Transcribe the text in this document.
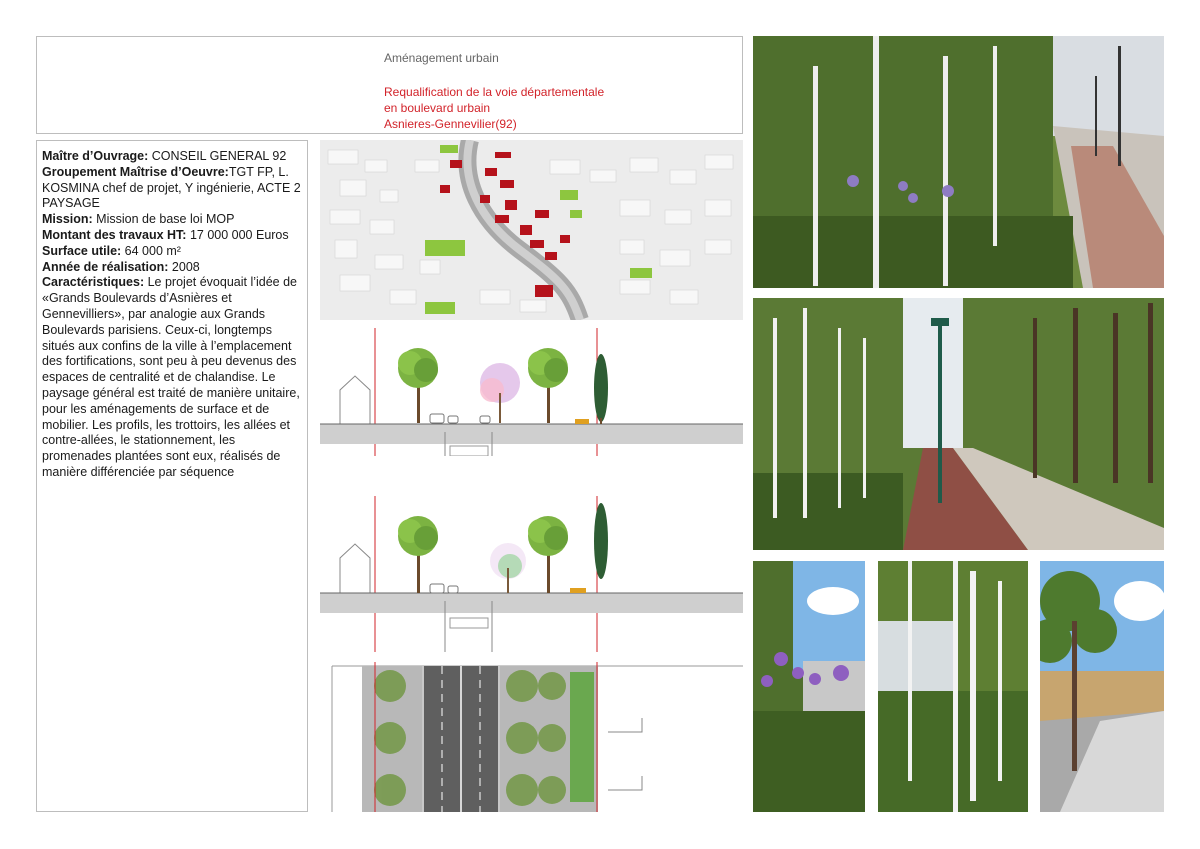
Aménagement urbain
Requalification de la voie départementale
en boulevard urbain
Asnieres-Gennevilier(92)
Maître d’Ouvrage: CONSEIL GENERAL 92
Groupement Maîtrise d’Oeuvre:TGT FP, L. KOSMINA chef de projet, Y ingénierie, ACTE 2 PAYSAGE
Mission: Mission de base loi MOP
Montant des travaux HT: 17 000 000 Euros
Surface utile: 64 000 m²
Année de réalisation: 2008
Caractéristiques: Le projet évoquait l’idée de «Grands Boulevards d’Asnières et Gennevilliers», par analogie aux Grands Boulevards parisiens. Ceux-ci, longtemps situés aux confins de la ville à l’emplacement des fortifications, sont peu à peu devenus des espaces de centralité et de chalandise. Le paysage général est traité de manière unitaire, pour les aménagements de surface et de mobilier. Les profils, les trottoirs, les allées et contre-allées, le stationnement, les promenades plantées sont eux, réalisés de manière différenciée par séquence
